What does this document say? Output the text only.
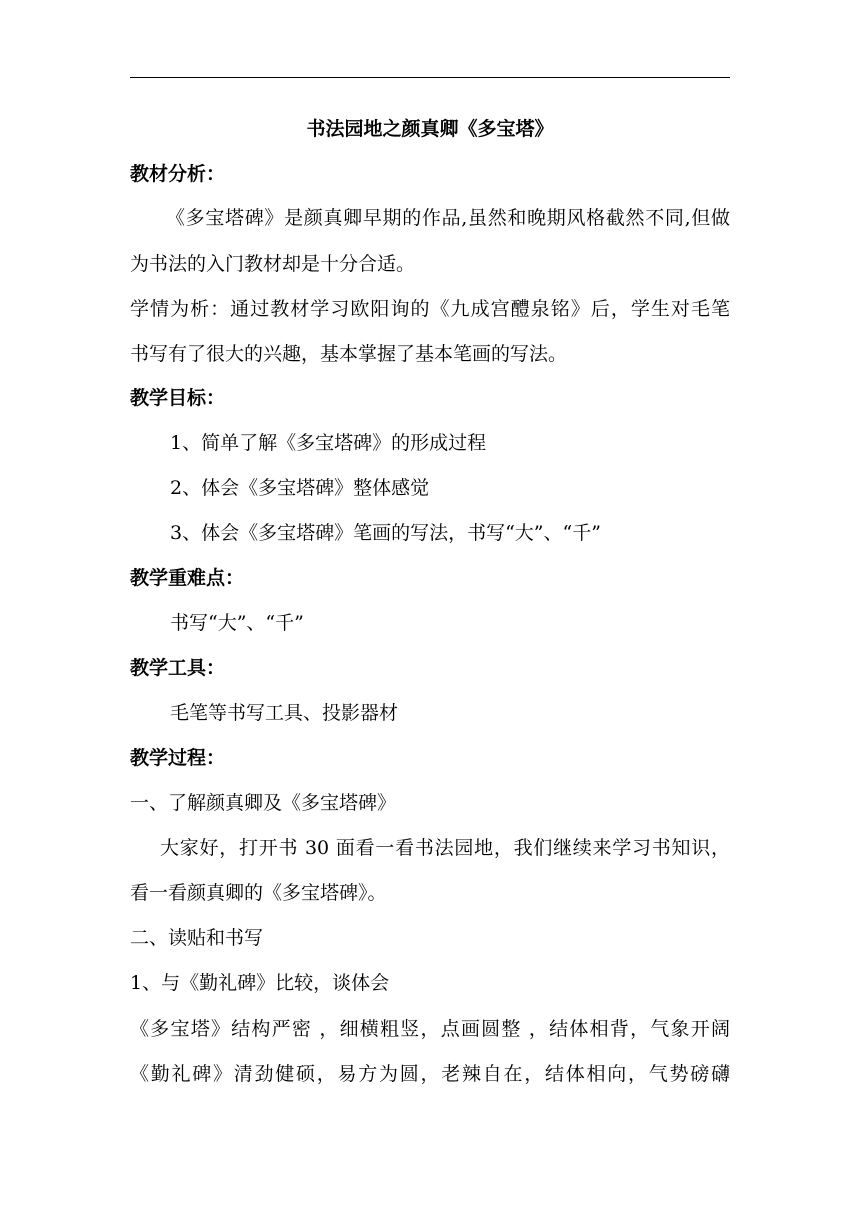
书法园地之颜真卿《多宝塔》
教材分析：
《多宝塔碑》是颜真卿早期的作品,虽然和晚期风格截然不同,但做
为书法的入门教材却是十分合适。
学情为析：通过教材学习欧阳询的《九成宫醴泉铭》后，学生对毛笔
书写有了很大的兴趣，基本掌握了基本笔画的写法。
教学目标：
1、简单了解《多宝塔碑》的形成过程
2、体会《多宝塔碑》整体感觉
3、体会《多宝塔碑》笔画的写法，书写“大”、“千”
教学重难点：
书写“大”、“千”
教学工具：
毛笔等书写工具、投影器材
教学过程：
一、了解颜真卿及《多宝塔碑》
大家好，打开书 30 面看一看书法园地，我们继续来学习书知识，
看一看颜真卿的《多宝塔碑》。
二、读贴和书写
1、与《勤礼碑》比较，谈体会
《多宝塔》结构严密 ，细横粗竖，点画圆整 ，结体相背，气象开阔
《勤礼碑》清劲健硕，易方为圆，老辣自在，结体相向，气势磅礴
